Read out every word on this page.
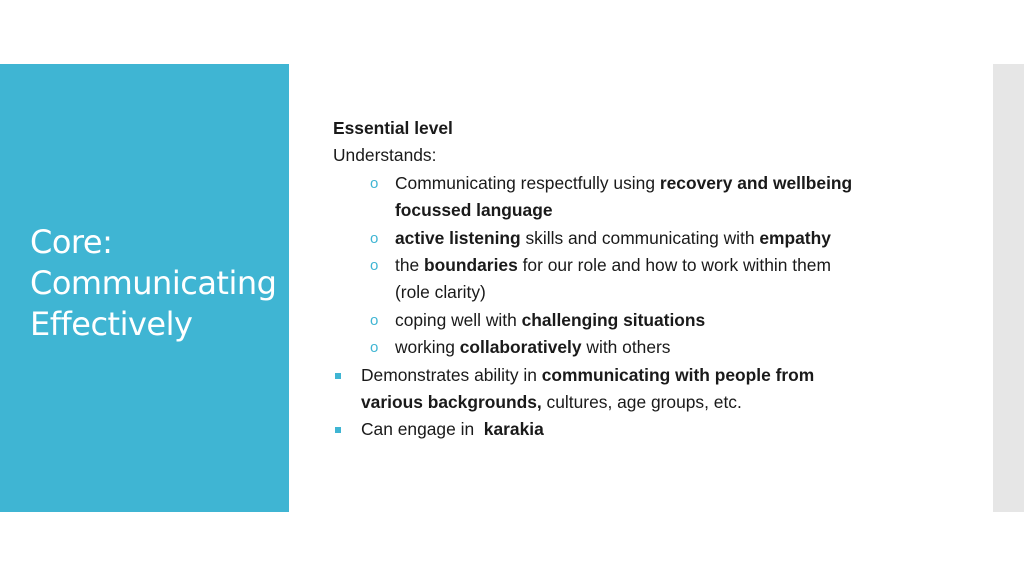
Core:
Communicating
Effectively
Essential level
Understands:
o Communicating respectfully using recovery and wellbeing
focussed language
o active listening skills and communicating with empathy
o the boundaries for our role and how to work within them
(role clarity)
o coping well with challenging situations
o working collaboratively with others
Demonstrates ability in communicating with people from
various backgrounds, cultures, age groups, etc.
Can engage in  karakia
